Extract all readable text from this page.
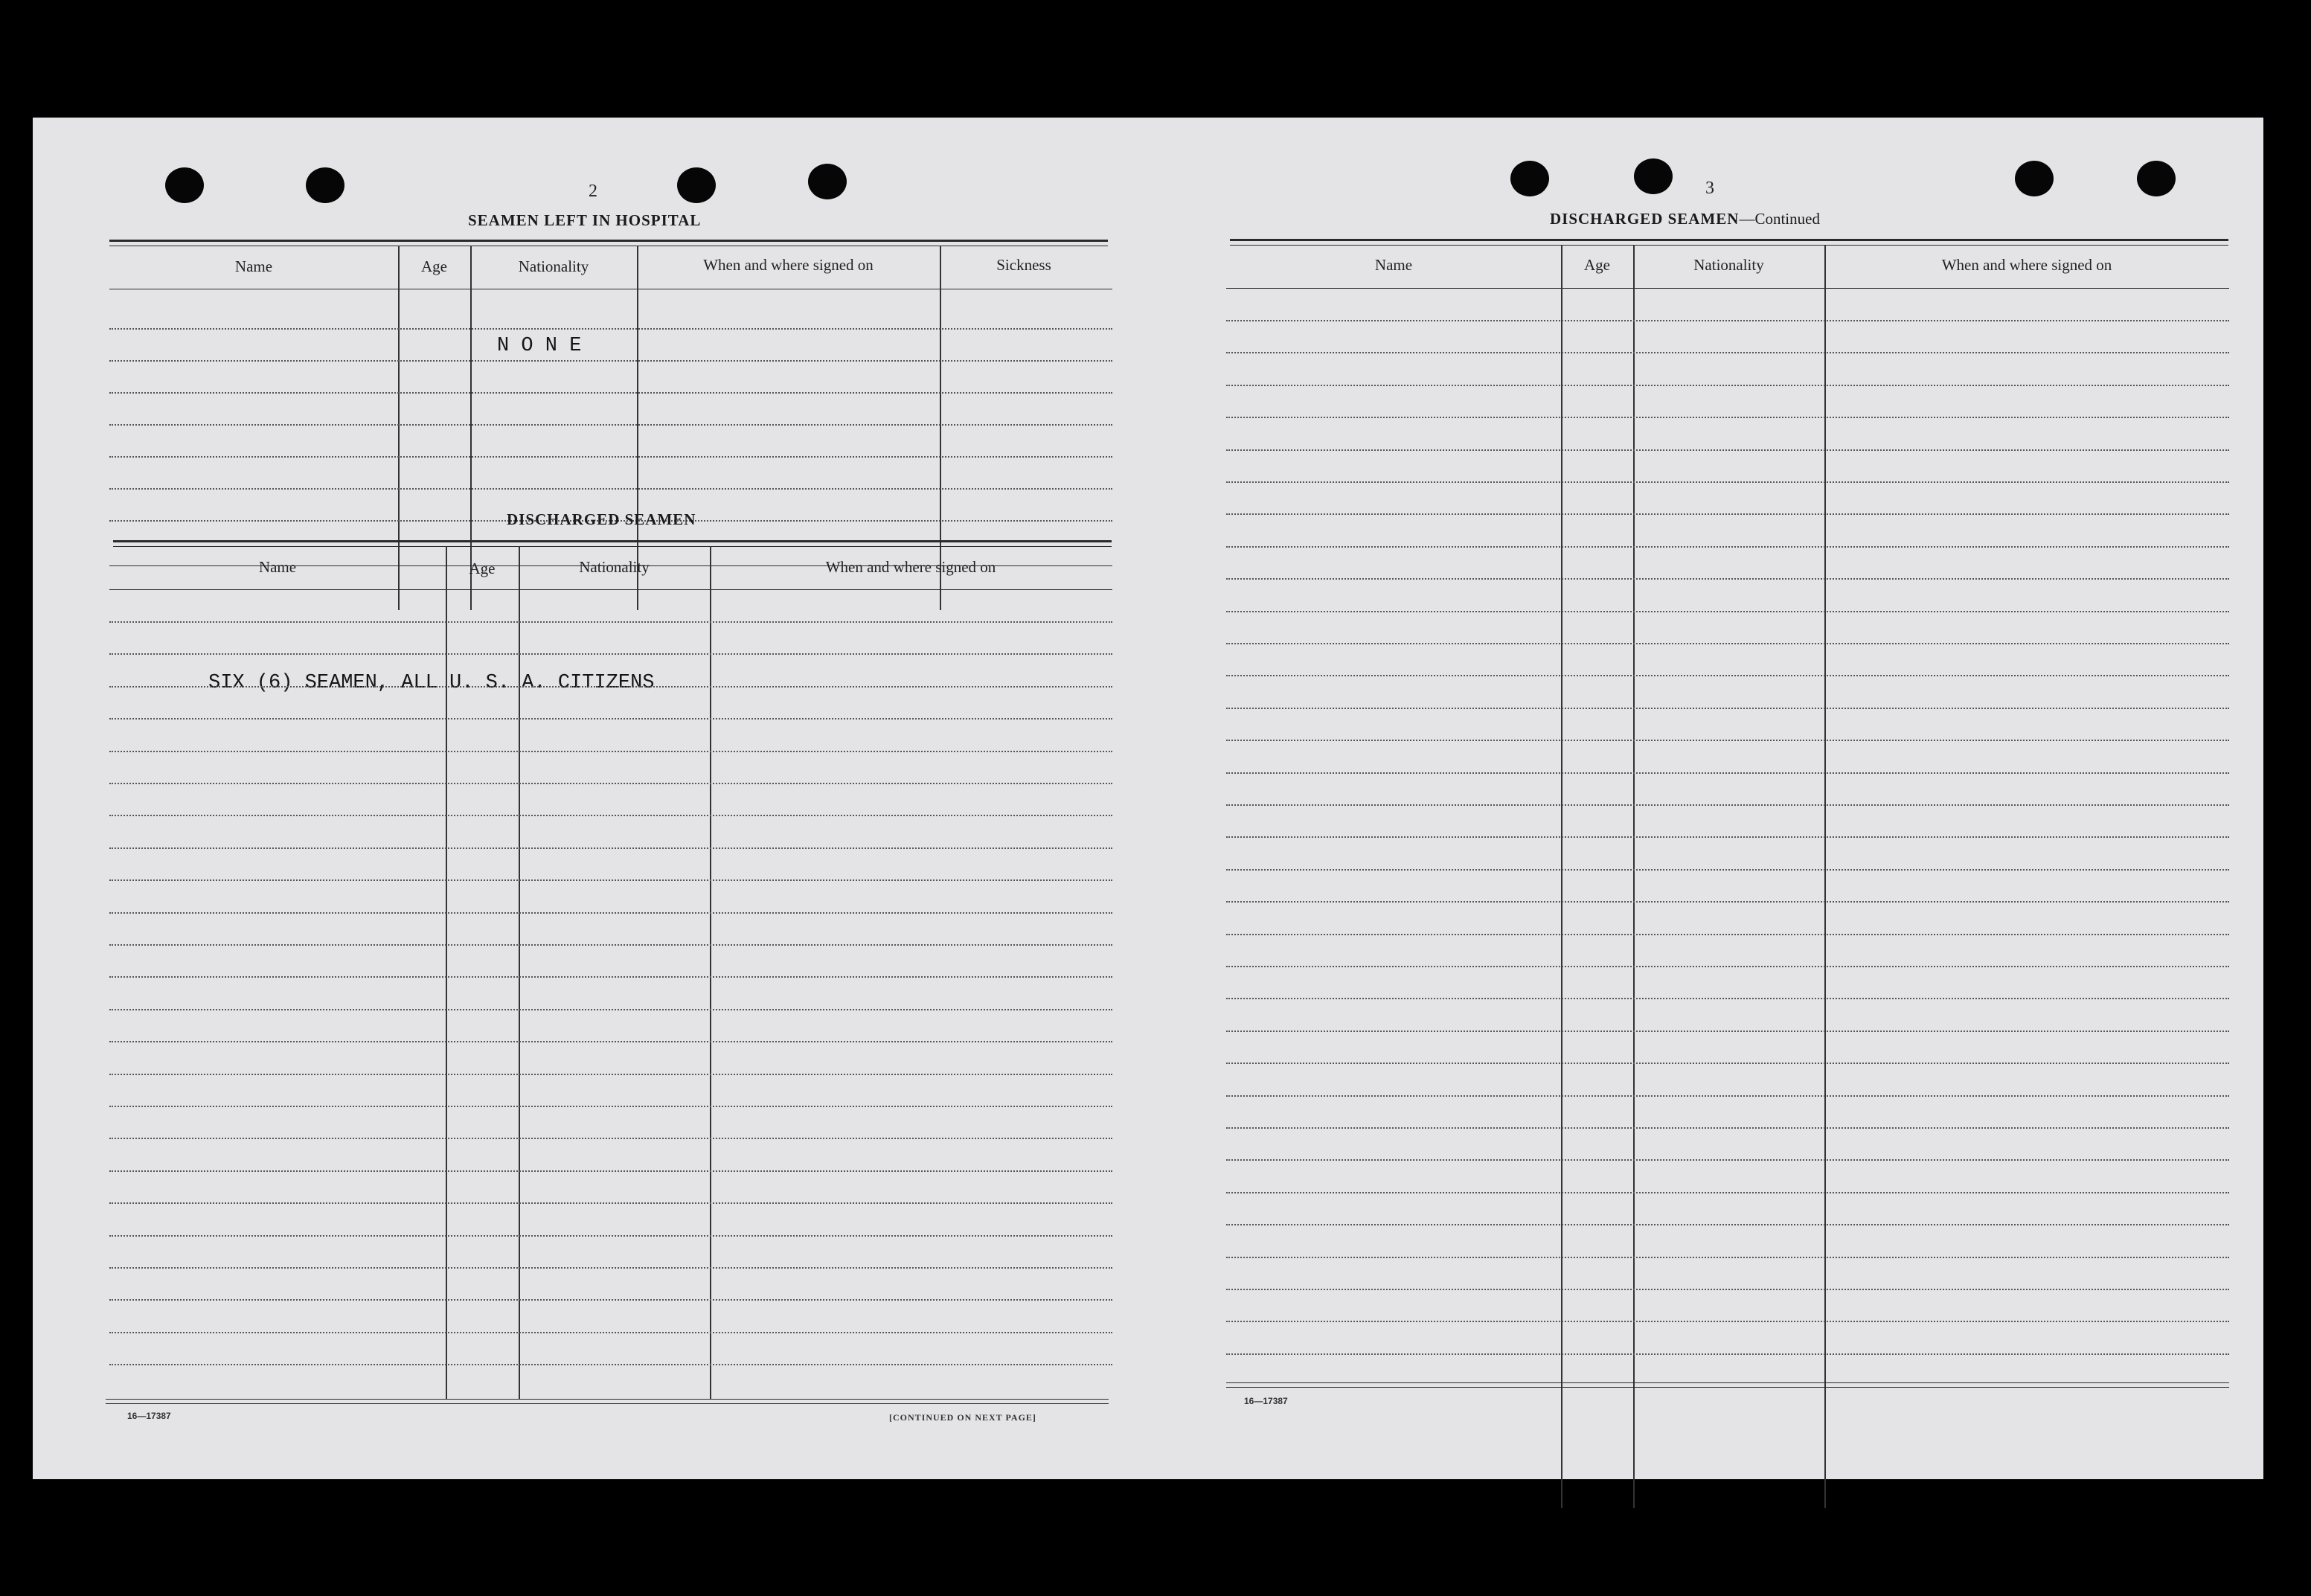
2
SEAMEN LEFT IN HOSPITAL
Name	Age	Nationality	When and where signed on	Sickness
N O N E
DISCHARGED SEAMEN
Name	Age	Nationality	When and where signed on
SIX (6) SEAMEN, ALL U. S. A. CITIZENS
16—17387	[CONTINUED ON NEXT PAGE]
3
DISCHARGED SEAMEN—Continued
Name	Age	Nationality	When and where signed on
16—17387
